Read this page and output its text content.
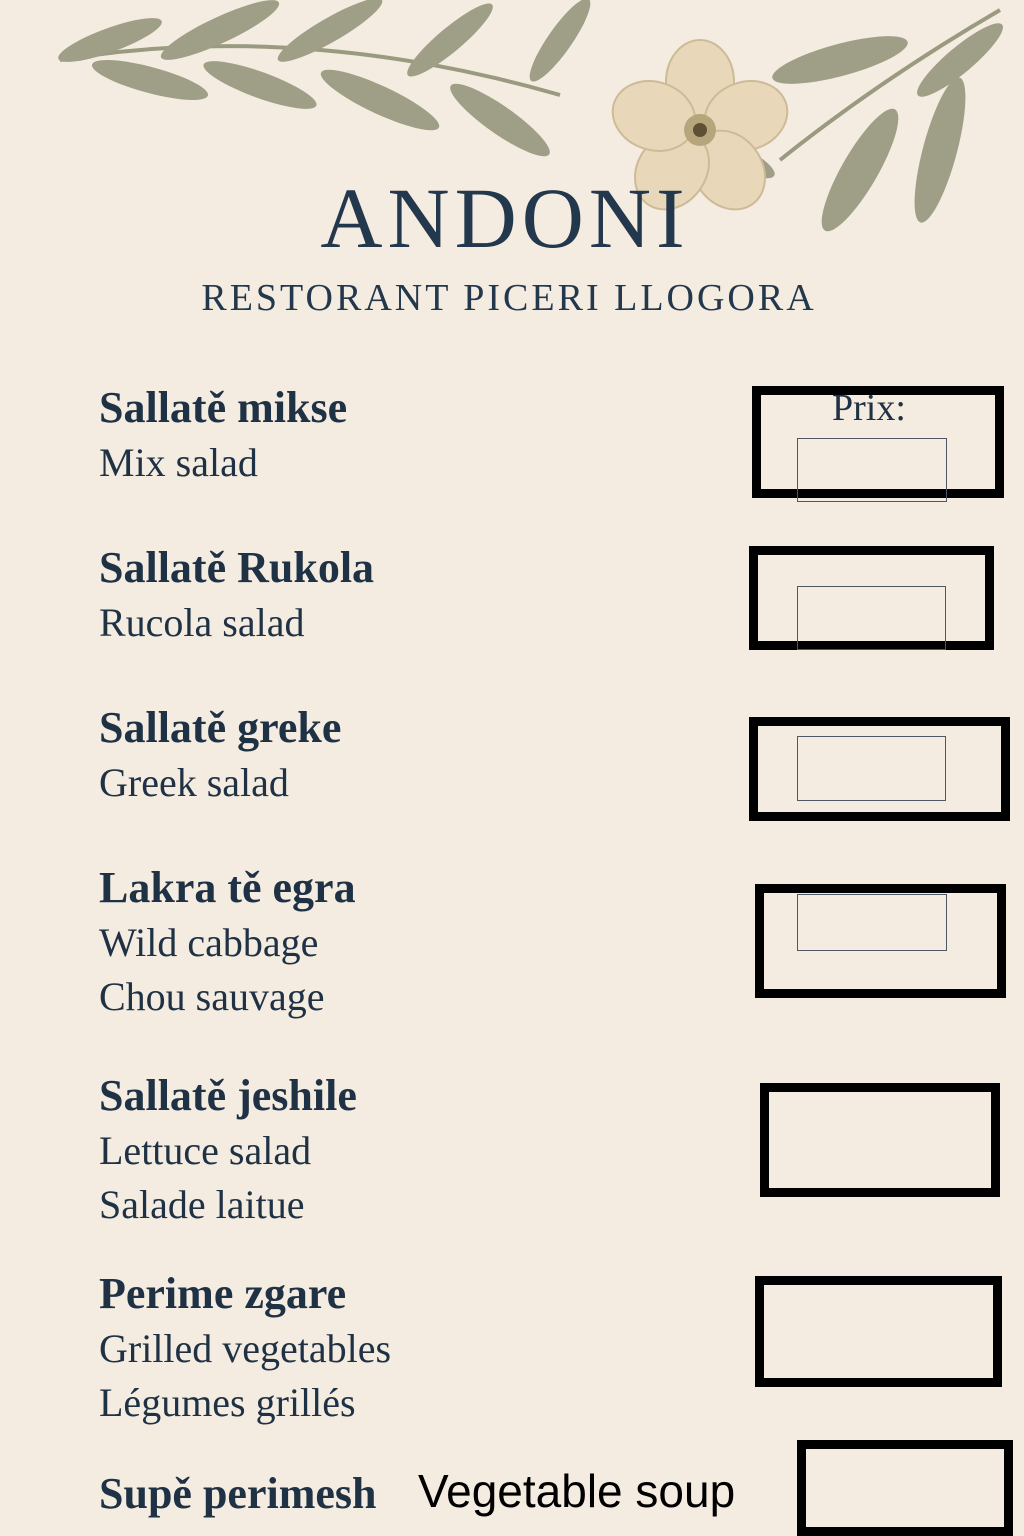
ANDONI
RESTORANT PICERI LLOGORA
Prix:
Sallatě mikse
Mix salad
Sallatě Rukola
Rucola salad
Sallatě greke
Greek salad
Lakra tě egra
Wild cabbage
Chou sauvage
Sallatě jeshile
Lettuce salad
Salade laitue
Perime zgare
Grilled vegetables
Légumes grillés
Supě perimesh Vegetable soup
